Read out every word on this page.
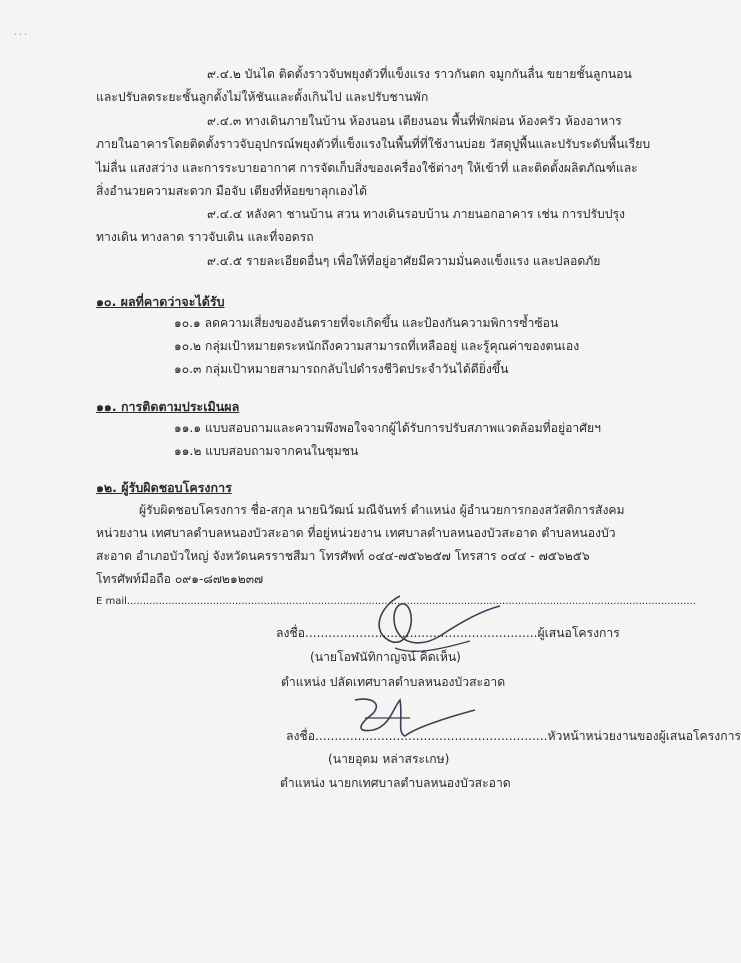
· · ·
๙.๔.๒ บันได ติดตั้งราวจับพยุงตัวที่แข็งแรง ราวกันตก จมูกกันลื่น ขยายชั้นลูกนอน
และปรับลดระยะชั้นลูกตั้งไม่ให้ชันและตั้งเกินไป และปรับชานพัก
๙.๔.๓ ทางเดินภายในบ้าน ห้องนอน เตียงนอน พื้นที่พักผ่อน ห้องครัว ห้องอาหาร
ภายในอาคารโดยติดตั้งราวจับอุปกรณ์พยุงตัวที่แข็งแรงในพื้นที่ที่ใช้งานบ่อย วัสดุปูพื้นและปรับระดับพื้นเรียบ
ไม่ลื่น แสงสว่าง และการระบายอากาศ การจัดเก็บสิ่งของเครื่องใช้ต่างๆ ให้เข้าที่ และติดตั้งผลิตภัณฑ์และ
สิ่งอำนวยความสะดวก มือจับ เตียงที่ห้อยขาลุกเองได้
๙.๔.๔ หลังคา ชานบ้าน สวน ทางเดินรอบบ้าน ภายนอกอาคาร เช่น การปรับปรุง
ทางเดิน ทางลาด ราวจับเดิน และที่จอดรถ
๙.๔.๕ รายละเอียดอื่นๆ เพื่อให้ที่อยู่อาศัยมีความมั่นคงแข็งแรง และปลอดภัย
๑๐. ผลที่คาดว่าจะได้รับ
๑๐.๑ ลดความเสี่ยงของอันตรายที่จะเกิดขึ้น และป้องกันความพิการซ้ำซ้อน
๑๐.๒ กลุ่มเป้าหมายตระหนักถึงความสามารถที่เหลืออยู่ และรู้คุณค่าของตนเอง
๑๐.๓ กลุ่มเป้าหมายสามารถกลับไปดำรงชีวิตประจำวันได้ดียิ่งขึ้น
๑๑. การติดตามประเมินผล
๑๑.๑ แบบสอบถามและความพึงพอใจจากผู้ได้รับการปรับสภาพแวดล้อมที่อยู่อาศัยฯ
๑๑.๒ แบบสอบถามจากคนในชุมชน
๑๒. ผู้รับผิดชอบโครงการ
ผู้รับผิดชอบโครงการ ชื่อ-สกุล นายนิวัฒน์ มณีจันทร์ ตำแหน่ง ผู้อำนวยการกองสวัสดิการสังคม
หน่วยงาน เทศบาลตำบลหนองบัวสะอาด ที่อยู่หน่วยงาน เทศบาลตำบลหนองบัวสะอาด ตำบลหนองบัว
สะอาด อำเภอบัวใหญ่ จังหวัดนครราชสีมา โทรศัพท์ ๐๔๔-๗๕๖๒๕๗ โทรสาร ๐๔๔ - ๗๕๖๒๕๖
โทรศัพท์มือถือ ๐๙๑-๘๗๒๑๒๓๗
E mail...................................................................................................................................................................................
ลงชื่อ............................................................ผู้เสนอโครงการ
(นายโอฬนัทิกาญจน์ คิดเห็น)
ตำแหน่ง ปลัดเทศบาลตำบลหนองบัวสะอาด
ลงชื่อ............................................................หัวหน้าหน่วยงานของผู้เสนอโครงการ
(นายอุดม หล่าสระเกษ)
ตำแหน่ง นายกเทศบาลตำบลหนองบัวสะอาด
